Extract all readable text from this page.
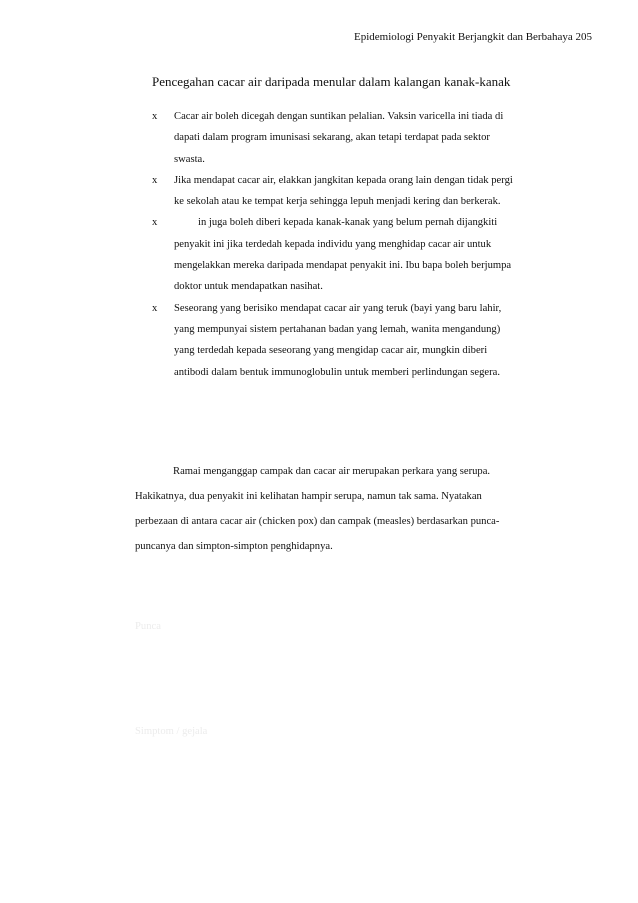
Epidemiologi Penyakit Berjangkit dan Berbahaya 205
Pencegahan cacar air daripada menular dalam kalangan kanak-kanak
x	Cacar air boleh dicegah dengan suntikan pelalian. Vaksin varicella ini tiada di
dapati dalam program imunisasi sekarang, akan tetapi terdapat pada sektor
swasta.
x	Jika mendapat cacar air, elakkan jangkitan kepada orang lain dengan tidak pergi
ke sekolah atau ke tempat kerja sehingga lepuh menjadi kering dan berkerak.
x	in juga boleh diberi kepada kanak-kanak yang belum pernah dijangkiti
penyakit ini jika terdedah kepada individu yang menghidap cacar air untuk
mengelakkan mereka daripada mendapat penyakit ini. Ibu bapa boleh berjumpa
doktor untuk mendapatkan nasihat.
x	Seseorang yang berisiko mendapat cacar air yang teruk (bayi yang baru lahir,
yang mempunyai sistem pertahanan badan yang lemah, wanita mengandung)
yang terdedah kepada seseorang yang mengidap cacar air, mungkin diberi
antibodi dalam bentuk immunoglobulin untuk memberi perlindungan segera.
Ramai menganggap campak dan cacar air merupakan perkara yang serupa.
Hakikatnya, dua penyakit ini kelihatan hampir serupa, namun tak sama. Nyatakan
perbezaan di antara cacar air (chicken pox) dan campak (measles) berdasarkan punca-
puncanya dan simpton-simpton penghidapnya.
Punca
Simptom / gejala
